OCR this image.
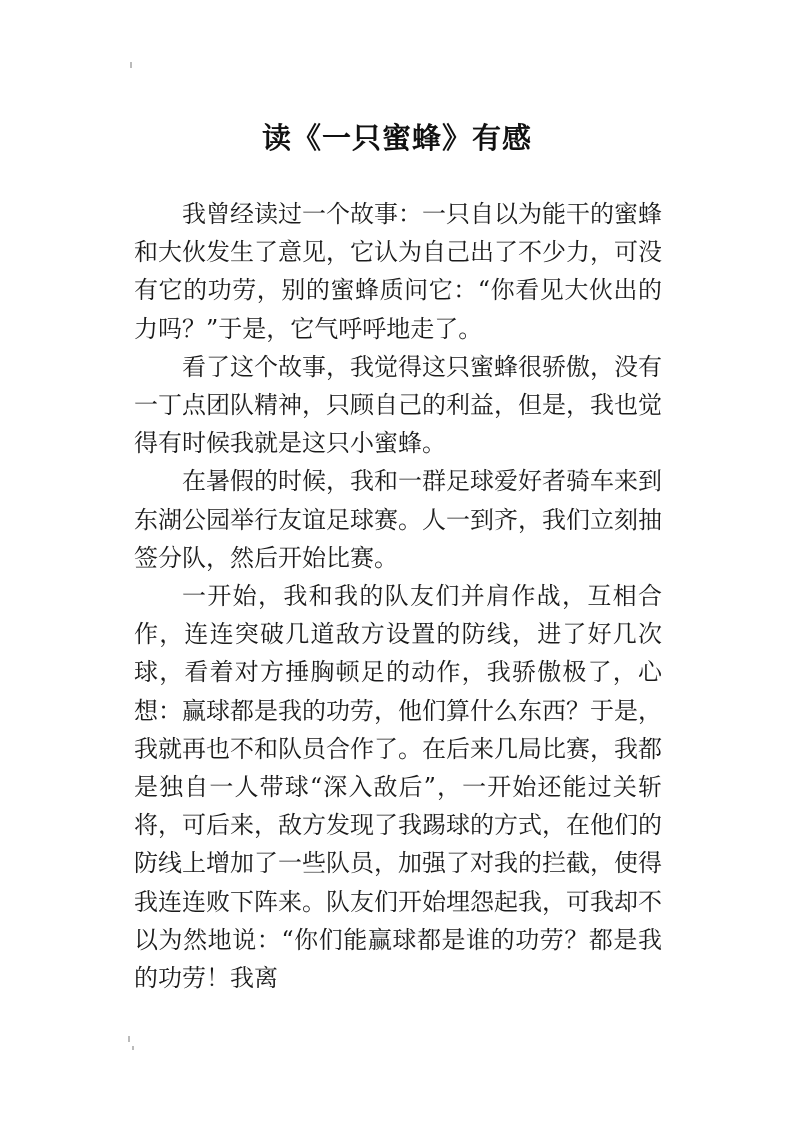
读《一只蜜蜂》有感

我曾经读过一个故事：一只自以为能干的蜜蜂和大伙发生了意见，它认为自己出了不少力，可没有它的功劳，别的蜜蜂质问它：“你看见大伙出的力吗？”于是，它气呼呼地走了。

看了这个故事，我觉得这只蜜蜂很骄傲，没有一丁点团队精神，只顾自己的利益，但是，我也觉得有时候我就是这只小蜜蜂。

在暑假的时候，我和一群足球爱好者骑车来到东湖公园举行友谊足球赛。人一到齐，我们立刻抽签分队，然后开始比赛。

一开始，我和我的队友们并肩作战，互相合作，连连突破几道敌方设置的防线，进了好几次球，看着对方捶胸顿足的动作，我骄傲极了，心想：赢球都是我的功劳，他们算什么东西？于是，我就再也不和队员合作了。在后来几局比赛，我都是独自一人带球“深入敌后”，一开始还能过关斩将，可后来，敌方发现了我踢球的方式，在他们的防线上增加了一些队员，加强了对我的拦截，使得我连连败下阵来。队友们开始埋怨起我，可我却不以为然地说：“你们能赢球都是谁的功劳？都是我的功劳！我离
